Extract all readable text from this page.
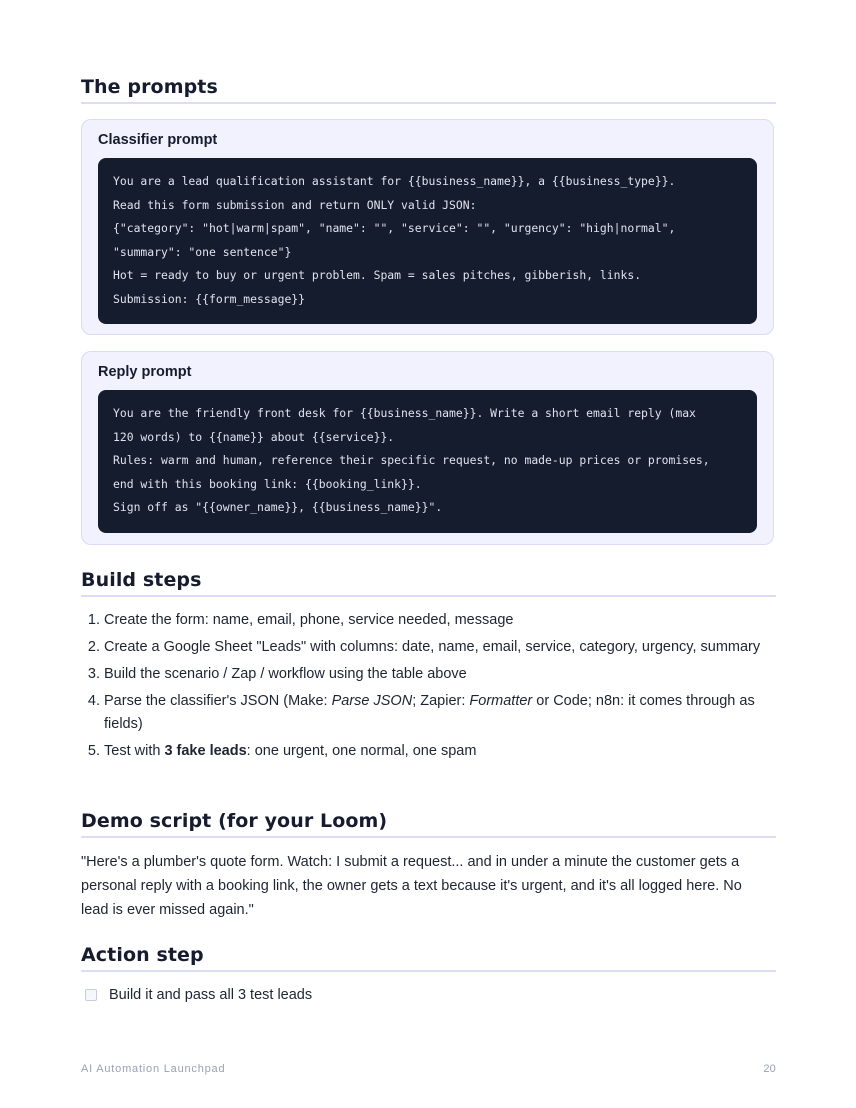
The prompts
Classifier prompt
You are a lead qualification assistant for {{business_name}}, a {{business_type}}.
Read this form submission and return ONLY valid JSON:
{"category": "hot|warm|spam", "name": "", "service": "", "urgency": "high|normal",
"summary": "one sentence"}
Hot = ready to buy or urgent problem. Spam = sales pitches, gibberish, links.
Submission: {{form_message}}
Reply prompt
You are the friendly front desk for {{business_name}}. Write a short email reply (max
120 words) to {{name}} about {{service}}.
Rules: warm and human, reference their specific request, no made-up prices or promises,
end with this booking link: {{booking_link}}.
Sign off as "{{owner_name}}, {{business_name}}".
Build steps
1. Create the form: name, email, phone, service needed, message
2. Create a Google Sheet "Leads" with columns: date, name, email, service, category, urgency, summary
3. Build the scenario / Zap / workflow using the table above
4. Parse the classifier's JSON (Make: Parse JSON; Zapier: Formatter or Code; n8n: it comes through as fields)
5. Test with 3 fake leads: one urgent, one normal, one spam
Demo script (for your Loom)

"Here's a plumber's quote form. Watch: I submit a request... and in under a minute the customer gets a personal reply with a booking link, the owner gets a text because it's urgent, and it's all logged here. No lead is ever missed again."

Action step
Build it and pass all 3 test leads
AI Automation Launchpad	20
